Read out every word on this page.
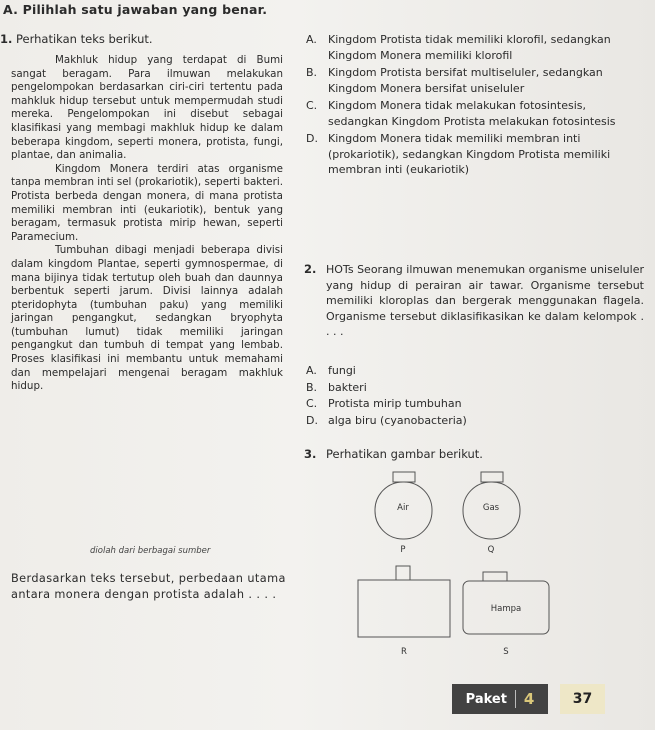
A. Pilihlah satu jawaban yang benar.
1. Perhatikan teks berikut.

Makhluk hidup yang terdapat di Bumi sangat beragam. Para ilmuwan melakukan pengelompokan berdasarkan ciri-ciri tertentu pada mahkluk hidup tersebut untuk mempermudah studi mereka. Pengelompokan ini disebut sebagai klasifikasi yang membagi makhluk hidup ke dalam beberapa kingdom, seperti monera, protista, fungi, plantae, dan animalia.

Kingdom Monera terdiri atas organisme tanpa membran inti sel (prokariotik), seperti bakteri. Protista berbeda dengan monera, di mana protista memiliki membran inti (eukariotik), bentuk yang beragam, termasuk protista mirip hewan, seperti Paramecium.

Tumbuhan dibagi menjadi beberapa divisi dalam kingdom Plantae, seperti gymnospermae, di mana bijinya tidak tertutup oleh buah dan daunnya berbentuk seperti jarum. Divisi lainnya adalah pteridophyta (tumbuhan paku) yang memiliki jaringan pengangkut, sedangkan bryophyta (tumbuhan lumut) tidak memiliki jaringan pengangkut dan tumbuh di tempat yang lembab. Proses klasifikasi ini membantu untuk memahami dan mempelajari mengenai beragam makhluk hidup.

diolah dari berbagai sumber
Berdasarkan teks tersebut, perbedaan utama antara monera dengan protista adalah . . . .
A.	Kingdom Protista tidak memiliki klorofil, sedangkan Kingdom Monera memiliki klorofil
B. Kingdom Protista bersifat multiseluler, sedangkan Kingdom Monera bersifat uniseluler
C. Kingdom Monera tidak melakukan fotosintesis, sedangkan Kingdom Protista melakukan fotosintesis
D. Kingdom Monera tidak memiliki membran inti (prokariotik), sedangkan Kingdom Protista memiliki membran inti (eukariotik)
2. HOTs Seorang ilmuwan menemukan organisme uniseluler yang hidup di perairan air tawar. Organisme tersebut memiliki kloroplas dan bergerak menggunakan flagela. Organisme tersebut diklasifikasikan ke dalam kelompok . . . .
A.	fungi
B. bakteri
C. Protista mirip tumbuhan
D. alga biru (cyanobacteria)
3. Perhatikan gambar berikut.
Air	Gas
Hampa
P	Q
R	S
Paket 4	37
